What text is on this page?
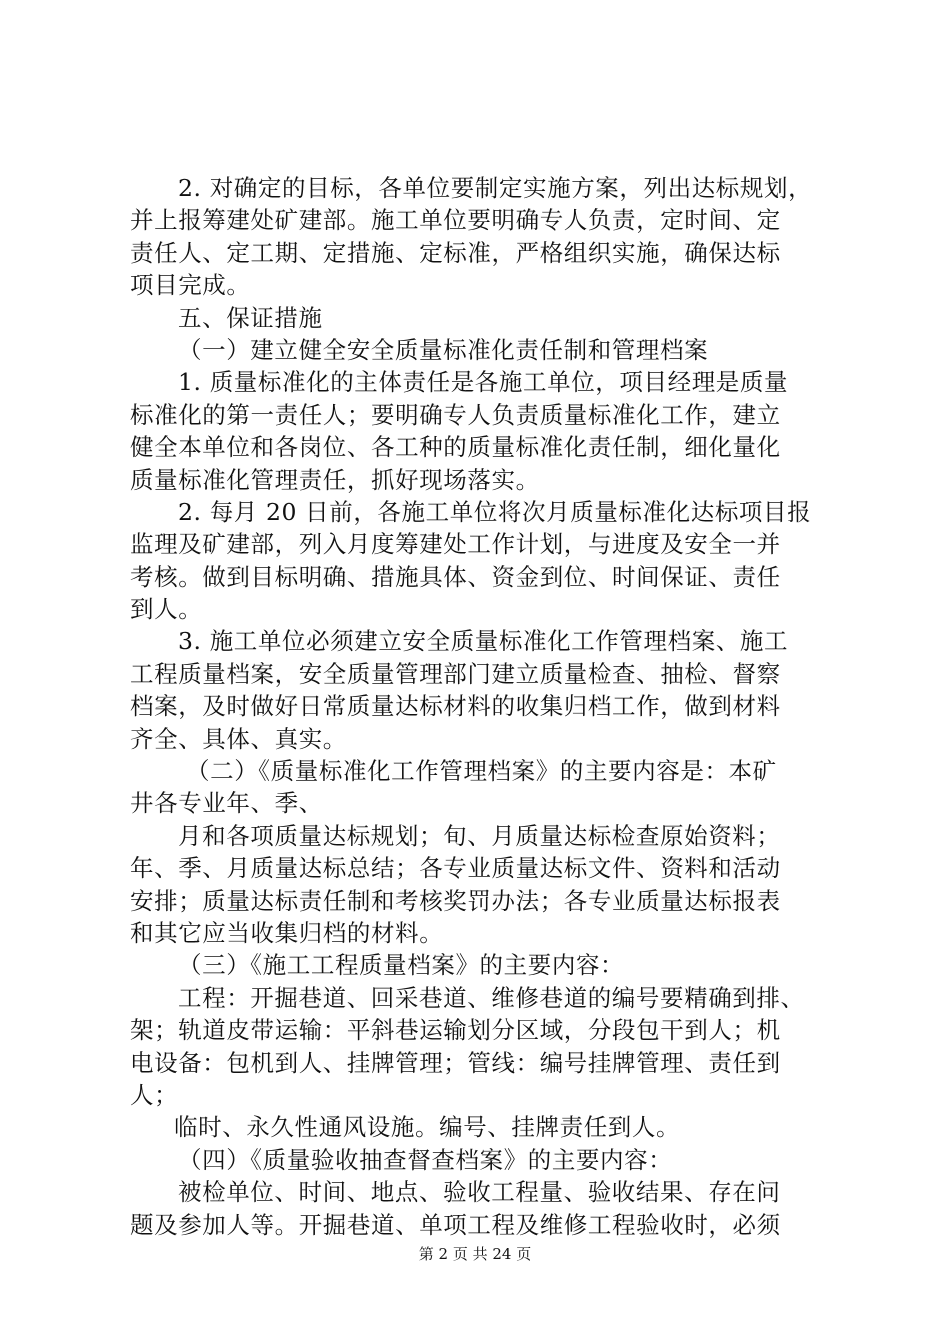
2. 对确定的目标，各单位要制定实施方案，列出达标规划，
并上报筹建处矿建部。施工单位要明确专人负责，定时间、定
责任人、定工期、定措施、定标准，严格组织实施，确保达标
项目完成。
五、保证措施
（一）建立健全安全质量标准化责任制和管理档案
1. 质量标准化的主体责任是各施工单位，项目经理是质量
标准化的第一责任人；要明确专人负责质量标准化工作，建立
健全本单位和各岗位、各工种的质量标准化责任制，细化量化
质量标准化管理责任，抓好现场落实。
2. 每月 20 日前，各施工单位将次月质量标准化达标项目报
监理及矿建部，列入月度筹建处工作计划，与进度及安全一并
考核。做到目标明确、措施具体、资金到位、时间保证、责任
到人。
3. 施工单位必须建立安全质量标准化工作管理档案、施工
工程质量档案，安全质量管理部门建立质量检查、抽检、督察
档案，及时做好日常质量达标材料的收集归档工作，做到材料
齐全、具体、真实。
（二）《质量标准化工作管理档案》的主要内容是：本矿
井各专业年、季、
月和各项质量达标规划；旬、月质量达标检查原始资料；
年、季、月质量达标总结；各专业质量达标文件、资料和活动
安排；质量达标责任制和考核奖罚办法；各专业质量达标报表
和其它应当收集归档的材料。
（三）《施工工程质量档案》的主要内容：
工程：开掘巷道、回采巷道、维修巷道的编号要精确到排、
架；轨道皮带运输：平斜巷运输划分区域，分段包干到人；机
电设备：包机到人、挂牌管理；管线：编号挂牌管理、责任到
人；
临时、永久性通风设施。编号、挂牌责任到人。
（四）《质量验收抽查督查档案》的主要内容：
被检单位、时间、地点、验收工程量、验收结果、存在问
题及参加人等。开掘巷道、单项工程及维修工程验收时，必须
第 2 页 共 24 页
